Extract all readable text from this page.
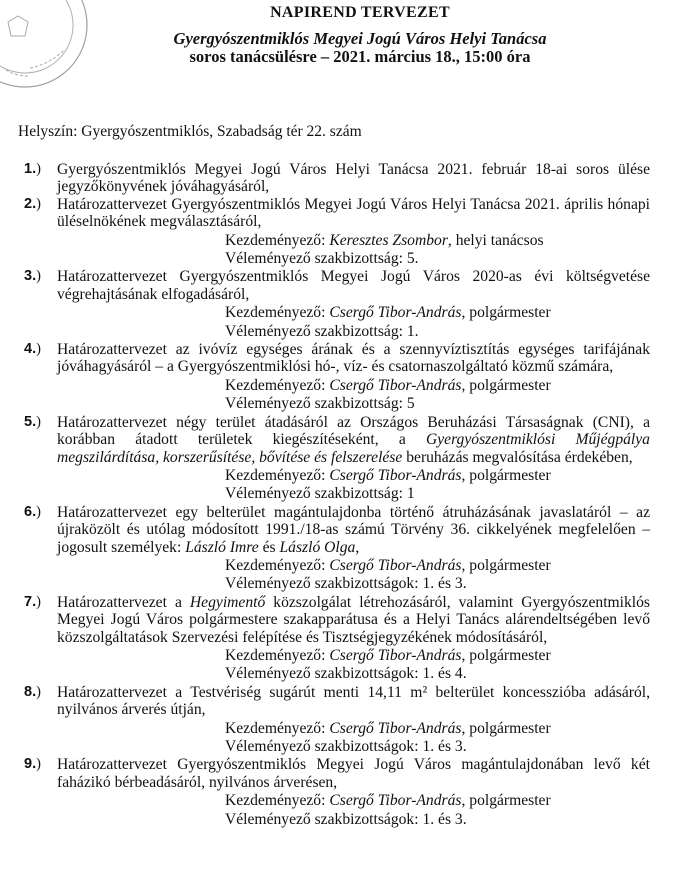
NAPIREND TERVEZET
Gyergyószentmiklós Megyei Jogú Város Helyi Tanácsa
soros tanácsülésre – 2021. március 18., 15:00 óra
Helyszín: Gyergyószentmiklós, Szabadság tér 22. szám
1.)	Gyergyószentmiklós Megyei Jogú Város Helyi Tanácsa 2021. február 18-ai soros ülése jegyzőkönyvének jóváhagyásáról,
2.)	Határozattervezet Gyergyószentmiklós Megyei Jogú Város Helyi Tanácsa 2021. április hónapi üléselnökének megválasztásáról,
Kezdeményező: Keresztes Zsombor, helyi tanácsos
Véleményező szakbizottság: 5.
3.)	Határozattervezet Gyergyószentmiklós Megyei Jogú Város 2020-as évi költségvetése végrehajtásának elfogadásáról,
Kezdeményező: Csergő Tibor-András, polgármester
Véleményező szakbizottság: 1.
4.)	Határozattervezet az ivóvíz egységes árának és a szennyvíztisztítás egységes tarifájának jóváhagyásáról – a Gyergyószentmiklósi hó-, víz- és csatornaszolgáltató közmű számára,
Kezdeményező: Csergő Tibor-András, polgármester
Véleményező szakbizottság: 5
5.)	Határozattervezet négy terület átadásáról az Országos Beruházási Társaságnak (CNI), a korábban átadott területek kiegészítéseként, a Gyergyószentmiklósi Műjégpálya megszilárdítása, korszerűsítése, bővítése és felszerelése beruházás megvalósítása érdekében,
Kezdeményező: Csergő Tibor-András, polgármester
Véleményező szakbizottság: 1
6.)	Határozattervezet egy belterület magántulajdonba történő átruházásának javaslatáról – az újraközölt és utólag módosított 1991./18-as számú Törvény 36. cikkelyének megfelelően – jogosult személyek: László Imre és László Olga,
Kezdeményező: Csergő Tibor-András, polgármester
Véleményező szakbizottságok: 1. és 3.
7.)	Határozattervezet a Hegyimentő közszolgálat létrehozásáról, valamint Gyergyószentmiklós Megyei Jogú Város polgármestere szakapparátusa és a Helyi Tanács alárendeltségében levő közszolgáltatások Szervezési felépítése és Tisztségjegyzékének módosításáról,
Kezdeményező: Csergő Tibor-András, polgármester
Véleményező szakbizottságok: 1. és 4.
8.)	Határozattervezet a Testvériség sugárút menti 14,11 m² belterület koncesszióba adásáról, nyilvános árverés útján,
Kezdeményező: Csergő Tibor-András, polgármester
Véleményező szakbizottságok: 1. és 3.
9.)	Határozattervezet Gyergyószentmiklós Megyei Jogú Város magántulajdonában levő két faházikó bérbeadásáról, nyilvános árverésen,
Kezdeményező: Csergő Tibor-András, polgármester
Véleményező szakbizottságok: 1. és 3.
